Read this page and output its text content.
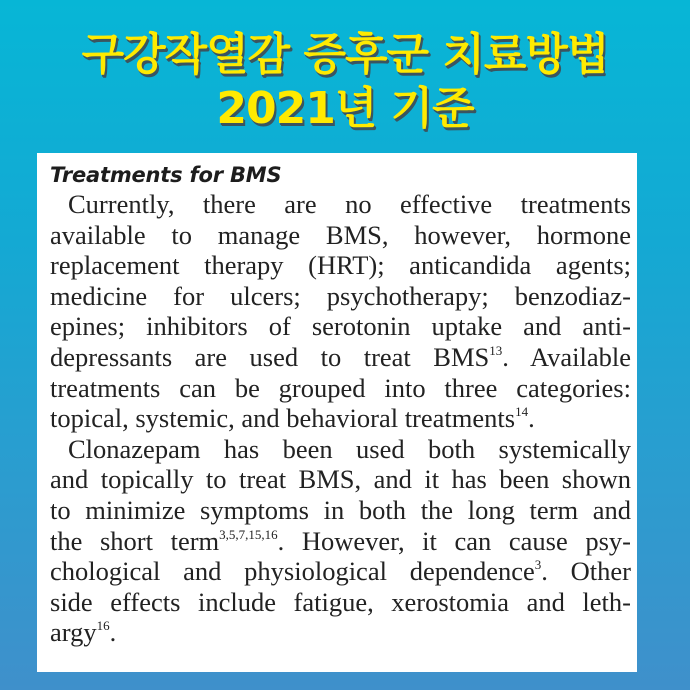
구강작열감 증후군 치료방법
2021년 기준
Treatments for BMS
Currently, there are no effective treatments
available to manage BMS, however, hormone
replacement therapy (HRT); anticandida agents;
medicine for ulcers; psychotherapy; benzodiaz-
epines; inhibitors of serotonin uptake and anti-
depressants are used to treat BMS$^{13}$. Available
treatments can be grouped into three categories:
topical, systemic, and behavioral treatments$^{14}$.
Clonazepam has been used both systemically
and topically to treat BMS, and it has been shown
to minimize symptoms in both the long term and
the short term$^{3,5,7,15,16}$. However, it can cause psy-
chological and physiological dependence$^3$. Other
side effects include fatigue, xerostomia and leth-
argy$^{16}$.
